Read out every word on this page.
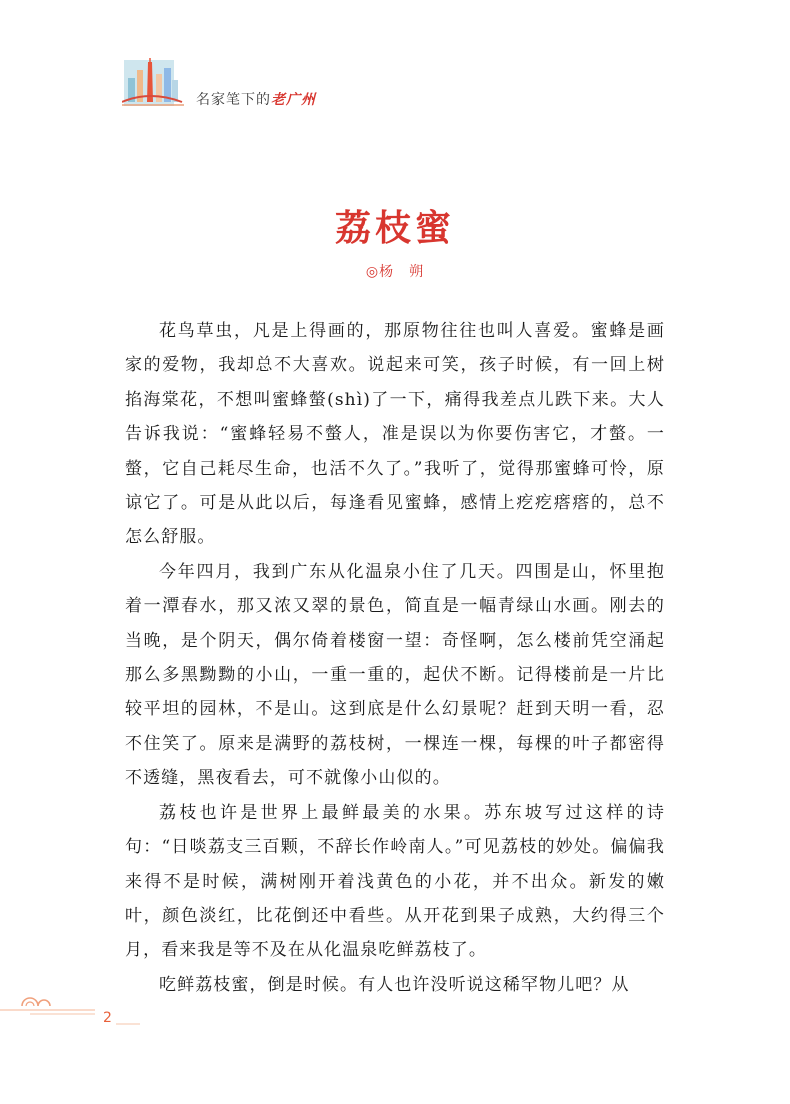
名家笔下的老广州
荔枝蜜
◎杨　朔

花鸟草虫，凡是上得画的，那原物往往也叫人喜爱。蜜蜂是画家的爱物，我却总不大喜欢。说起来可笑，孩子时候，有一回上树掐海棠花，不想叫蜜蜂螫(shì)了一下，痛得我差点儿跌下来。大人告诉我说：“蜜蜂轻易不螫人，准是误以为你要伤害它，才螫。一螫，它自己耗尽生命，也活不久了。”我听了，觉得那蜜蜂可怜，原谅它了。可是从此以后，每逢看见蜜蜂，感情上疙疙瘩瘩的，总不怎么舒服。

今年四月，我到广东从化温泉小住了几天。四围是山，怀里抱着一潭春水，那又浓又翠的景色，简直是一幅青绿山水画。刚去的当晚，是个阴天，偶尔倚着楼窗一望：奇怪啊，怎么楼前凭空涌起那么多黑黝黝的小山，一重一重的，起伏不断。记得楼前是一片比较平坦的园林，不是山。这到底是什么幻景呢？赶到天明一看，忍不住笑了。原来是满野的荔枝树，一棵连一棵，每棵的叶子都密得不透缝，黑夜看去，可不就像小山似的。

荔枝也许是世界上最鲜最美的水果。苏东坡写过这样的诗句：“日啖荔支三百颗，不辞长作岭南人。”可见荔枝的妙处。偏偏我来得不是时候，满树刚开着浅黄色的小花，并不出众。新发的嫩叶，颜色淡红，比花倒还中看些。从开花到果子成熟，大约得三个月，看来我是等不及在从化温泉吃鲜荔枝了。

吃鲜荔枝蜜，倒是时候。有人也许没听说这稀罕物儿吧？从

2
